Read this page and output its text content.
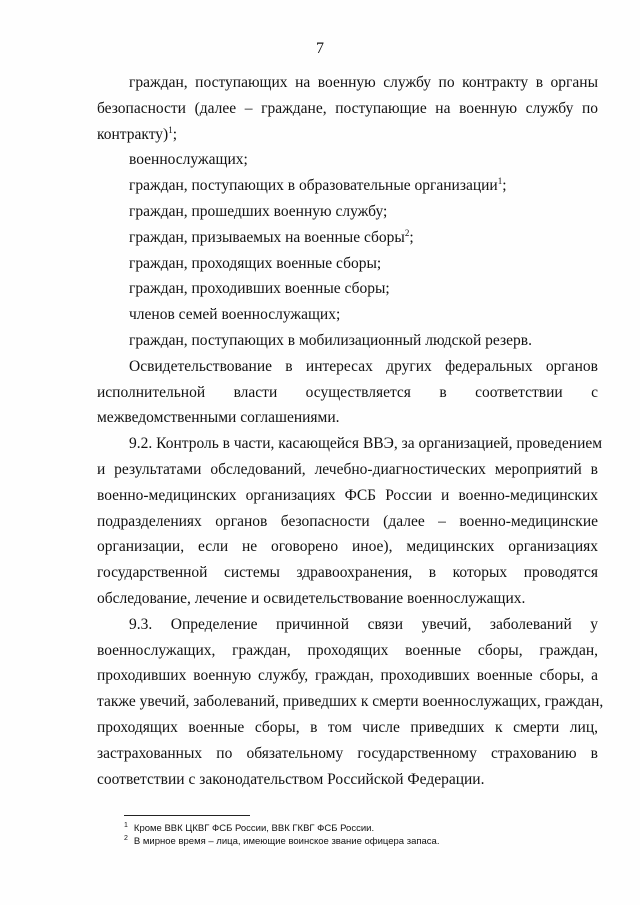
7
граждан, поступающих на военную службу по контракту в органы
безопасности (далее – граждане, поступающие на военную службу по
контракту)$^1$;
военнослужащих;
граждан, поступающих в образовательные организации$^1$;
граждан, прошедших военную службу;
граждан, призываемых на военные сборы$^2$;
граждан, проходящих военные сборы;
граждан, проходивших военные сборы;
членов семей военнослужащих;
граждан, поступающих в мобилизационный людской резерв.
Освидетельствование в интересах других федеральных органов
исполнительной власти осуществляется в соответствии с
межведомственными соглашениями.
9.2. Контроль в части, касающейся ВВЭ, за организацией, проведением
и результатами обследований, лечебно-диагностических мероприятий в
военно-медицинских организациях ФСБ России и военно-медицинских
подразделениях органов безопасности (далее – военно-медицинские
организации, если не оговорено иное), медицинских организациях
государственной системы здравоохранения, в которых проводятся
обследование, лечение и освидетельствование военнослужащих.
9.3. Определение причинной связи увечий, заболеваний у
военнослужащих, граждан, проходящих военные сборы, граждан,
проходивших военную службу, граждан, проходивших военные сборы, а
также увечий, заболеваний, приведших к смерти военнослужащих, граждан,
проходящих военные сборы, в том числе приведших к смерти лиц,
застрахованных по обязательному государственному страхованию в
соответствии с законодательством Российской Федерации.
$^1$ Кроме ВВК ЦКВГ ФСБ России, ВВК ГКВГ ФСБ России.
$^2$ В мирное время – лица, имеющие воинское звание офицера запаса.
